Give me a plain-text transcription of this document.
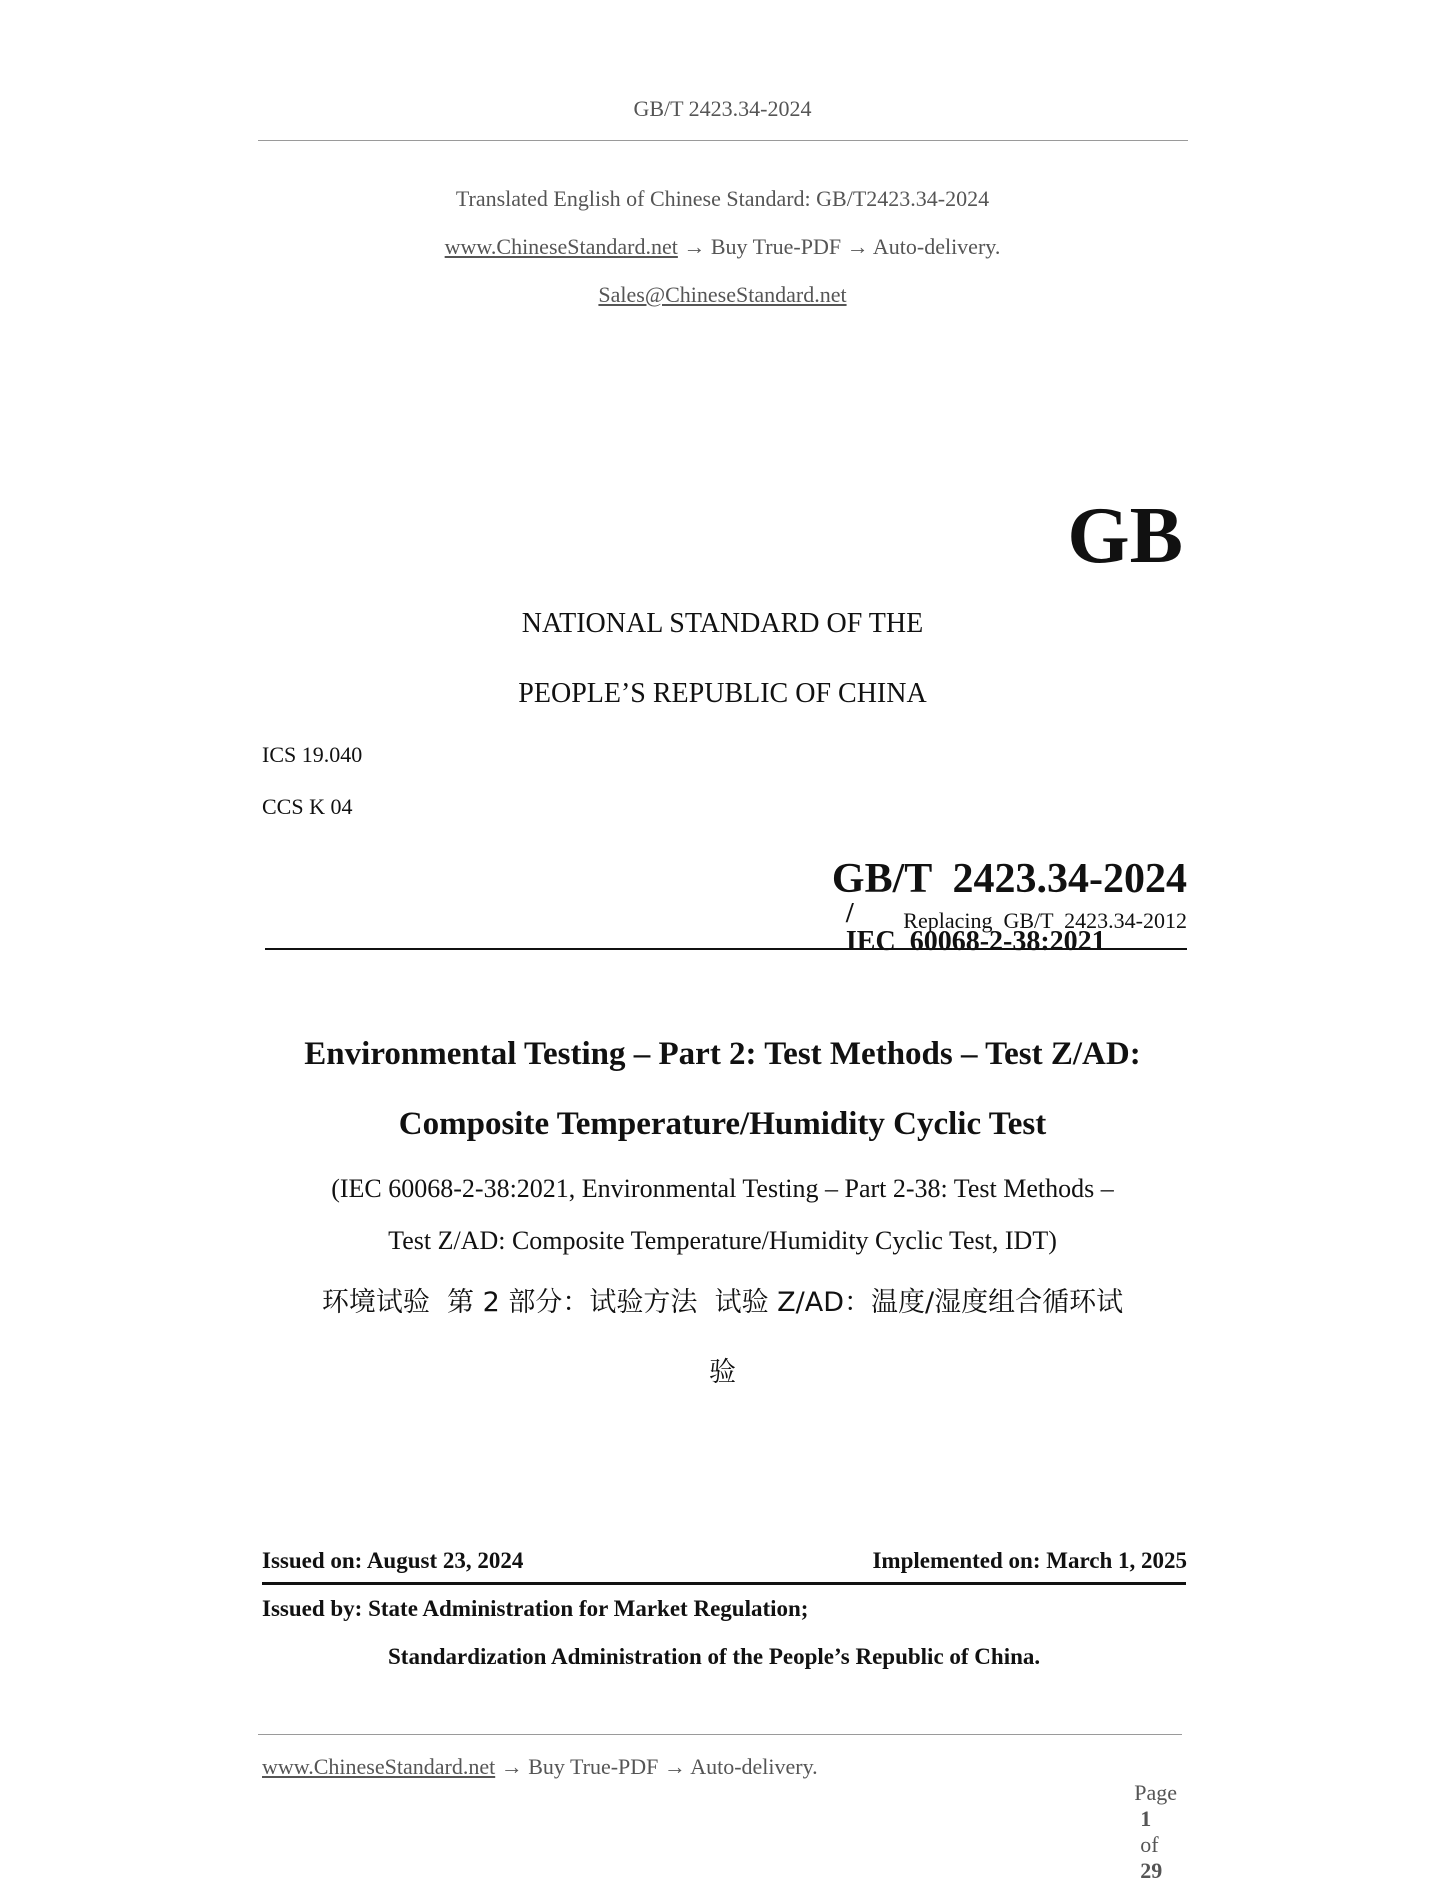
GB/T 2423.34-2024
Translated English of Chinese Standard: GB/T2423.34-2024
www.ChineseStandard.net → Buy True-PDF → Auto-delivery.
Sales@ChineseStandard.net
GB
NATIONAL STANDARD OF THE
PEOPLE’S REPUBLIC OF CHINA
ICS 19.040
CCS K 04

GB/T  2423.34-2024
/
IEC  60068-2-38:2021

Replacing  GB/T  2423.34-2012
Environmental Testing – Part 2: Test Methods – Test Z/AD:
Composite Temperature/Humidity Cyclic Test
(IEC 60068-2-38:2021, Environmental Testing – Part 2-38: Test Methods –
Test Z/AD: Composite Temperature/Humidity Cyclic Test, IDT)
环境试验  第 2 部分：试验方法  试验 Z/AD：温度/湿度组合循环试
验
Issued on: August 23, 2024	Implemented on: March 1, 2025
Issued by: State Administration for Market Regulation;
Standardization Administration of the People’s Republic of China.
www.ChineseStandard.net → Buy True-PDF → Auto-delivery.

Page
1
of
29
